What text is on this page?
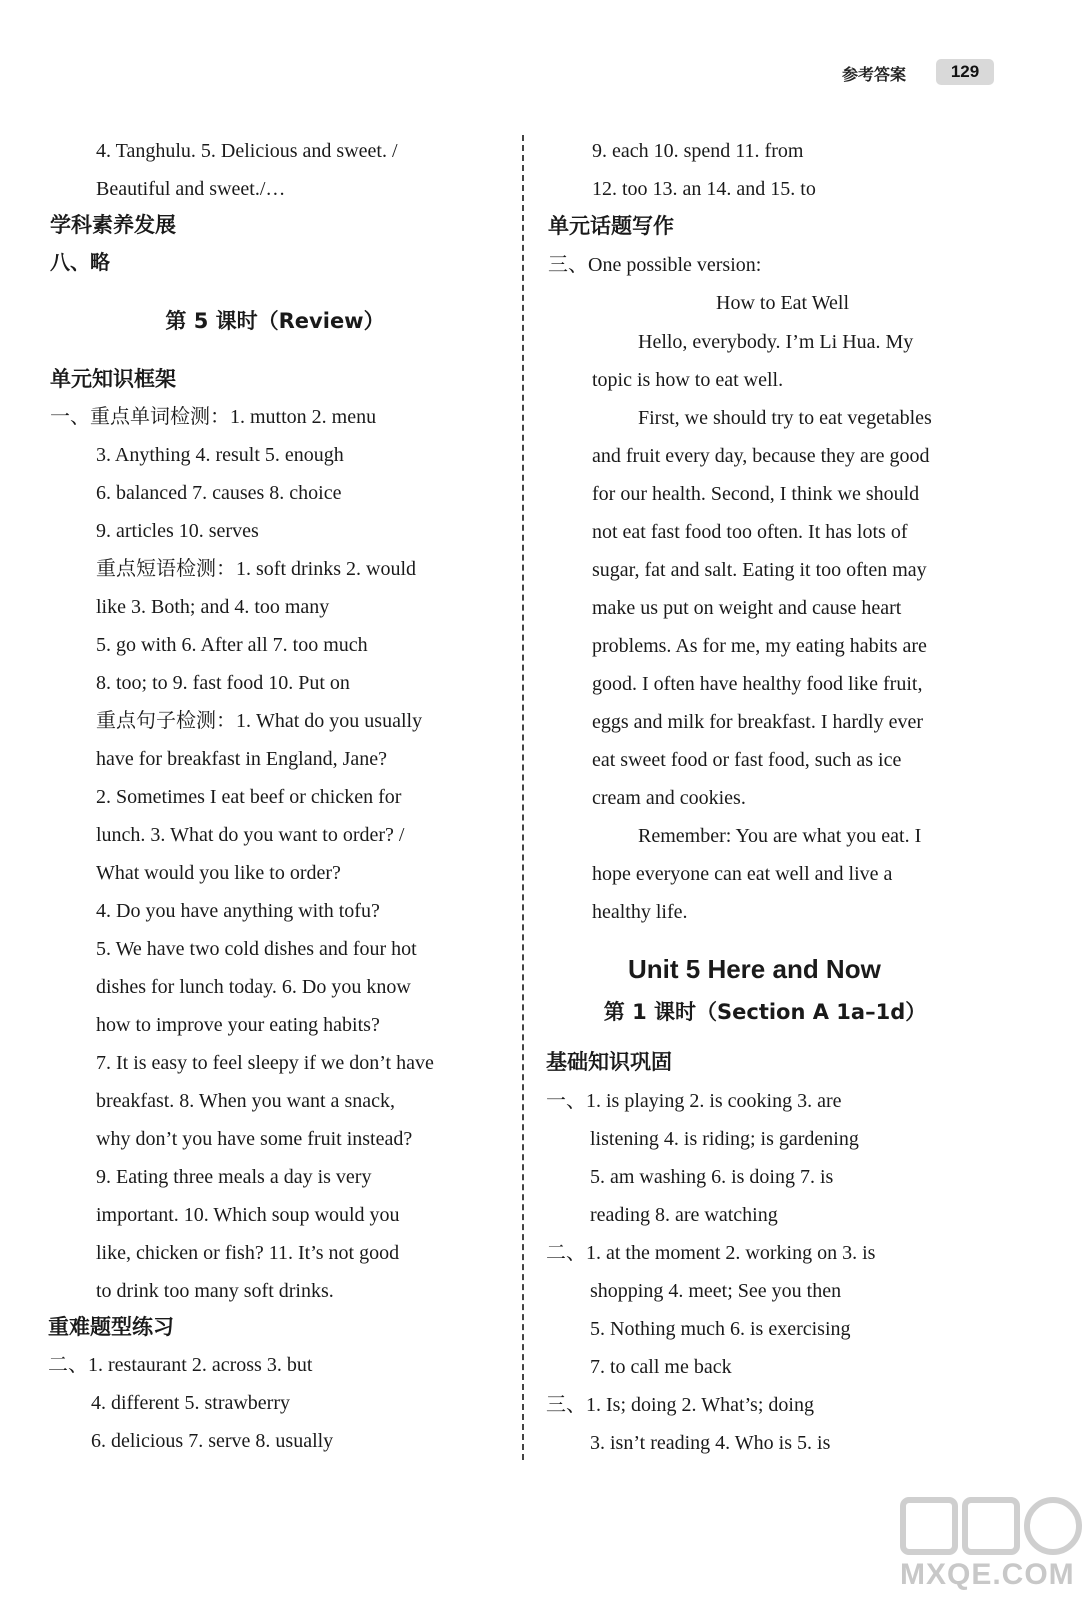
参考答案	129
4. Tanghulu. 5. Delicious and sweet. /
Beautiful and sweet./…
学科素养发展
八、略
第 5 课时（Review）
单元知识框架
一、重点单词检测：1. mutton 2. menu
3. Anything 4. result 5. enough
6. balanced 7. causes 8. choice
9. articles 10. serves
重点短语检测：1. soft drinks 2. would
like 3. Both; and 4. too many
5. go with 6. After all 7. too much
8. too; to 9. fast food 10. Put on
重点句子检测：1. What do you usually
have for breakfast in England, Jane?
2. Sometimes I eat beef or chicken for
lunch. 3. What do you want to order? /
What would you like to order?
4. Do you have anything with tofu?
5. We have two cold dishes and four hot
dishes for lunch today. 6. Do you know
how to improve your eating habits?
7. It is easy to feel sleepy if we don’t have
breakfast. 8. When you want a snack,
why don’t you have some fruit instead?
9. Eating three meals a day is very
important. 10. Which soup would you
like, chicken or fish? 11. It’s not good
to drink too many soft drinks.
重难题型练习
二、1. restaurant 2. across 3. but
4. different 5. strawberry
6. delicious 7. serve 8. usually
9. each 10. spend 11. from
12. too 13. an 14. and 15. to
单元话题写作
三、One possible version:
How to Eat Well
Hello, everybody. I’m Li Hua. My
topic is how to eat well.
First, we should try to eat vegetables
and fruit every day, because they are good
for our health. Second, I think we should
not eat fast food too often. It has lots of
sugar, fat and salt. Eating it too often may
make us put on weight and cause heart
problems. As for me, my eating habits are
good. I often have healthy food like fruit,
eggs and milk for breakfast. I hardly ever
eat sweet food or fast food, such as ice
cream and cookies.
Remember: You are what you eat. I
hope everyone can eat well and live a
healthy life.
Unit 5 Here and Now
第 1 课时（Section A 1a–1d）
基础知识巩固
一、1. is playing 2. is cooking 3. are
listening 4. is riding; is gardening
5. am washing 6. is doing 7. is
reading 8. are watching
二、1. at the moment 2. working on 3. is
shopping 4. meet; See you then
5. Nothing much 6. is exercising
7. to call me back
三、1. Is; doing 2. What’s; doing
3. isn’t reading 4. Who is 5. is
MXQE.COM
